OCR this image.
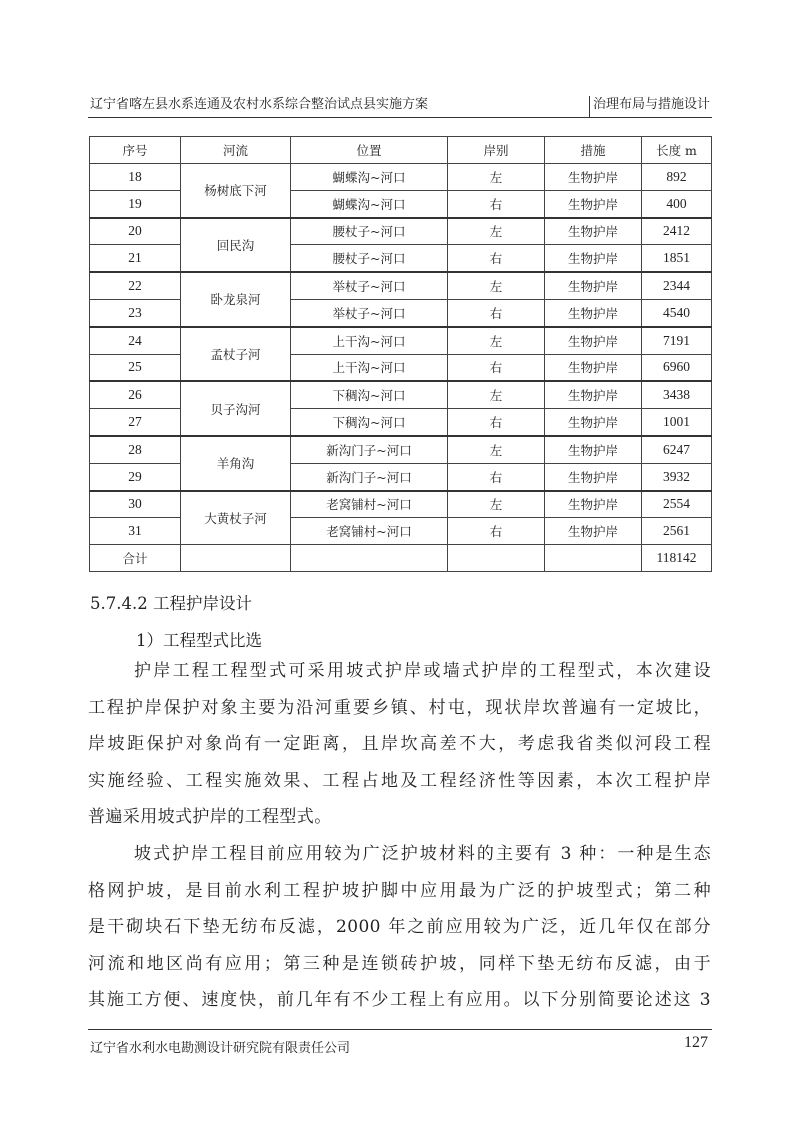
辽宁省喀左县水系连通及农村水系综合整治试点县实施方案	治理布局与措施设计
序号	河流	位置	岸别	措施	长度 m
18	杨树底下河	蝴蝶沟~河口	左	生物护岸	892
19		蝴蝶沟~河口	右	生物护岸	400
20	回民沟	腰杖子~河口	左	生物护岸	2412
21		腰杖子~河口	右	生物护岸	1851
22	卧龙泉河	举杖子~河口	左	生物护岸	2344
23		举杖子~河口	右	生物护岸	4540
24	孟杖子河	上干沟~河口	左	生物护岸	7191
25		上干沟~河口	右	生物护岸	6960
26	贝子沟河	下稠沟~河口	左	生物护岸	3438
27		下稠沟~河口	右	生物护岸	1001
28	羊角沟	新沟门子~河口	左	生物护岸	6247
29		新沟门子~河口	右	生物护岸	3932
30	大黄杖子河	老窝铺村~河口	左	生物护岸	2554
31		老窝铺村~河口	右	生物护岸	2561
合计					118142
5.7.4.2 工程护岸设计
1）工程型式比选
护岸工程工程型式可采用坡式护岸或墙式护岸的工程型式，本次建设
工程护岸保护对象主要为沿河重要乡镇、村屯，现状岸坎普遍有一定坡比，
岸坡距保护对象尚有一定距离，且岸坎高差不大，考虑我省类似河段工程
实施经验、工程实施效果、工程占地及工程经济性等因素，本次工程护岸
普遍采用坡式护岸的工程型式。
坡式护岸工程目前应用较为广泛护坡材料的主要有 3 种：一种是生态
格网护坡，是目前水利工程护坡护脚中应用最为广泛的护坡型式；第二种
是干砌块石下垫无纺布反滤，2000 年之前应用较为广泛，近几年仅在部分
河流和地区尚有应用；第三种是连锁砖护坡，同样下垫无纺布反滤，由于
其施工方便、速度快，前几年有不少工程上有应用。以下分别简要论述这 3
辽宁省水利水电勘测设计研究院有限责任公司	127
